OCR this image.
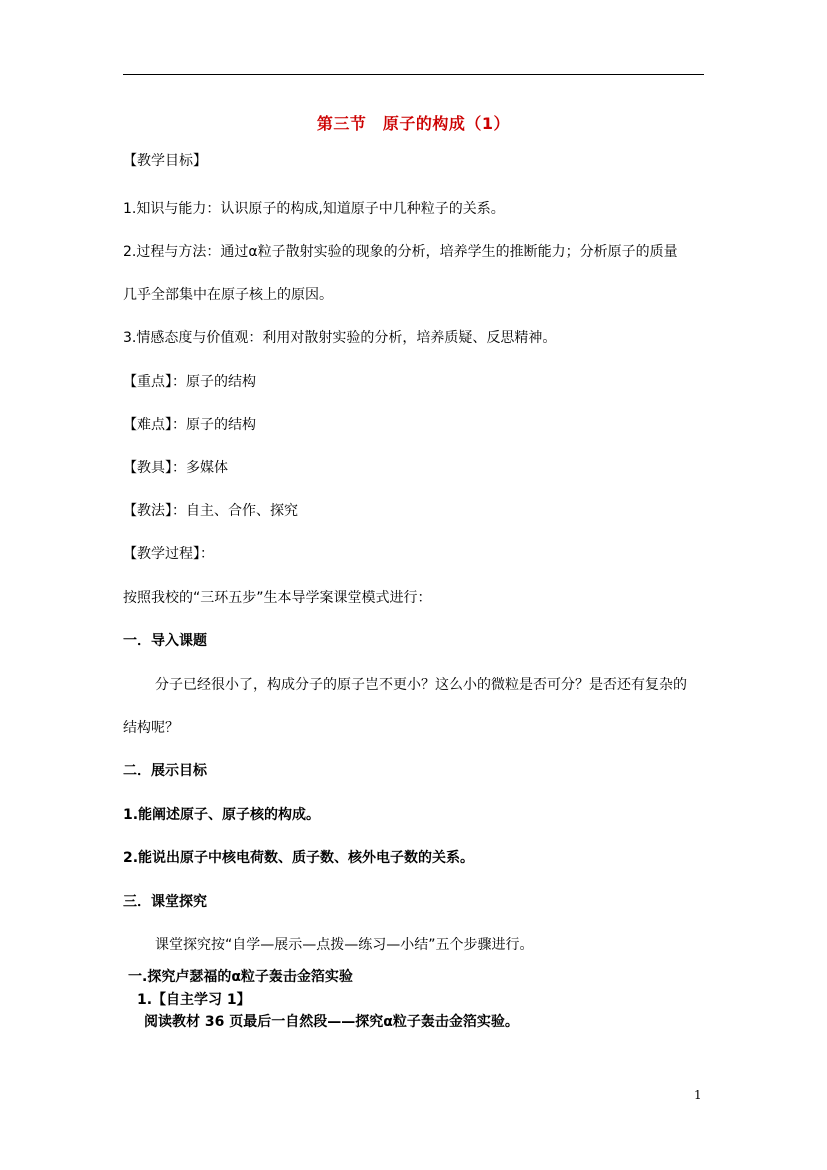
第三节　原子的构成（1）
【教学目标】
1.知识与能力：认识原子的构成,知道原子中几种粒子的关系。
2.过程与方法：通过α粒子散射实验的现象的分析，培养学生的推断能力；分析原子的质量
几乎全部集中在原子核上的原因。
3.情感态度与价值观：利用对散射实验的分析，培养质疑、反思精神。
【重点】：原子的结构
【难点】：原子的结构
【教具】：多媒体
【教法】：自主、合作、探究
【教学过程】：
按照我校的“三环五步”生本导学案课堂模式进行：
一．导入课题
分子已经很小了，构成分子的原子岂不更小？这么小的微粒是否可分？是否还有复杂的
结构呢？
二．展示目标
1.能阐述原子、原子核的构成。
2.能说出原子中核电荷数、质子数、核外电子数的关系。
三．课堂探究
课堂探究按“自学—展示—点拨—练习—小结”五个步骤进行。
一.探究卢瑟福的α粒子轰击金箔实验
1.【自主学习 1】
阅读教材 36 页最后一自然段——探究α粒子轰击金箔实验。
1
